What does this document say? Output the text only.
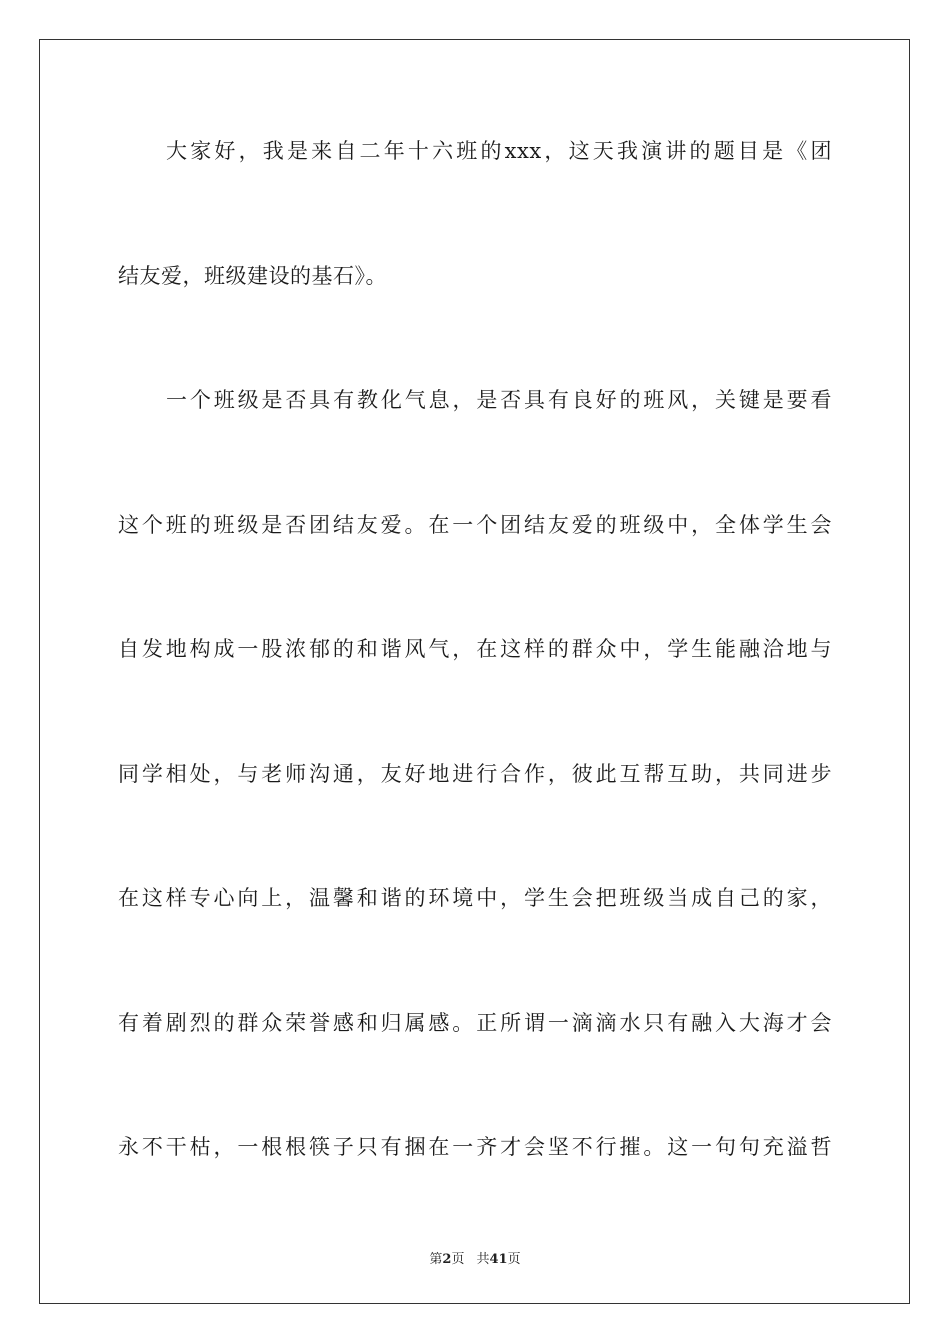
大家好，我是来自二年十六班的xxx，这天我演讲的题目是《团
结友爱，班级建设的基石》。
一个班级是否具有教化气息，是否具有良好的班风，关键是要看
这个班的班级是否团结友爱。在一个团结友爱的班级中，全体学生会
自发地构成一股浓郁的和谐风气，在这样的群众中，学生能融洽地与
同学相处，与老师沟通，友好地进行合作，彼此互帮互助，共同进步
在这样专心向上，温馨和谐的环境中，学生会把班级当成自己的家，
有着剧烈的群众荣誉感和归属感。正所谓一滴滴水只有融入大海才会
永不干枯，一根根筷子只有捆在一齐才会坚不行摧。这一句句充溢哲
第2页 共41页
